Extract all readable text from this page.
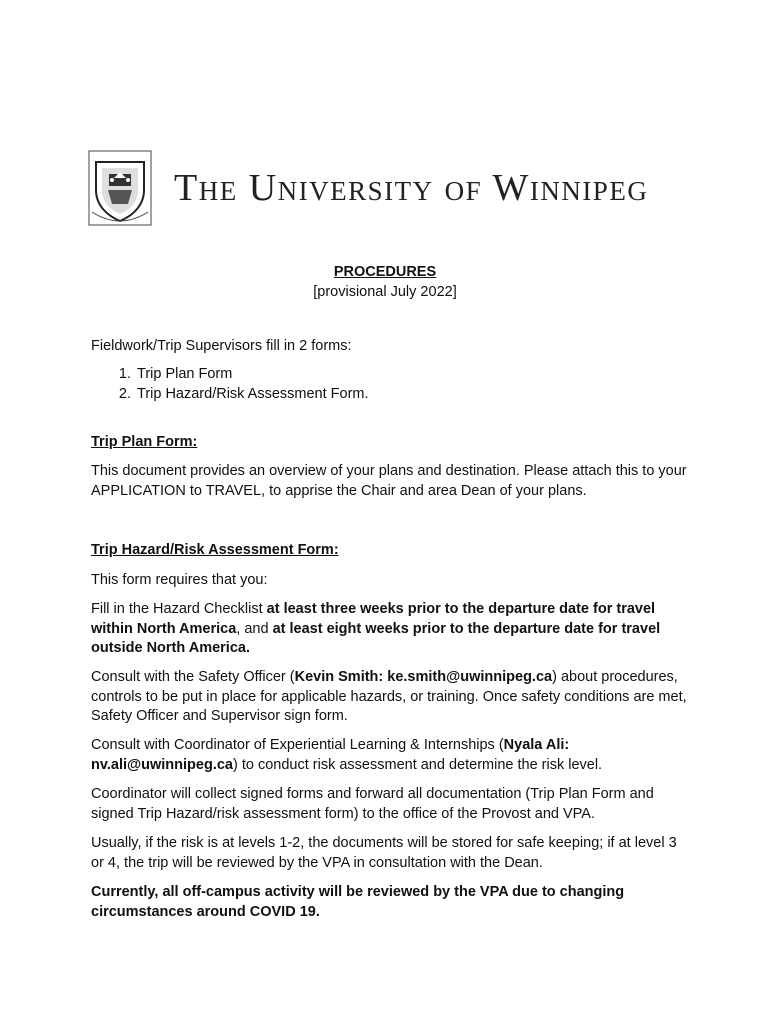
The University of Winnipeg
PROCEDURES
[provisional July 2022]
Fieldwork/Trip Supervisors fill in 2 forms:
1. Trip Plan Form
2. Trip Hazard/Risk Assessment Form.
Trip Plan Form:
This document provides an overview of your plans and destination. Please attach this to your APPLICATION to TRAVEL, to apprise the Chair and area Dean of your plans.
Trip Hazard/Risk Assessment Form:
This form requires that you:
Fill in the Hazard Checklist at least three weeks prior to the departure date for travel within North America, and at least eight weeks prior to the departure date for travel outside North America.
Consult with the Safety Officer (Kevin Smith: ke.smith@uwinnipeg.ca) about procedures, controls to be put in place for applicable hazards, or training. Once safety conditions are met, Safety Officer and Supervisor sign form.
Consult with Coordinator of Experiential Learning & Internships (Nyala Ali: nv.ali@uwinnipeg.ca) to conduct risk assessment and determine the risk level.
Coordinator will collect signed forms and forward all documentation (Trip Plan Form and signed Trip Hazard/risk assessment form) to the office of the Provost and VPA.
Usually, if the risk is at levels 1-2, the documents will be stored for safe keeping; if at level 3 or 4, the trip will be reviewed by the VPA in consultation with the Dean.
Currently, all off-campus activity will be reviewed by the VPA due to changing circumstances around COVID 19.
